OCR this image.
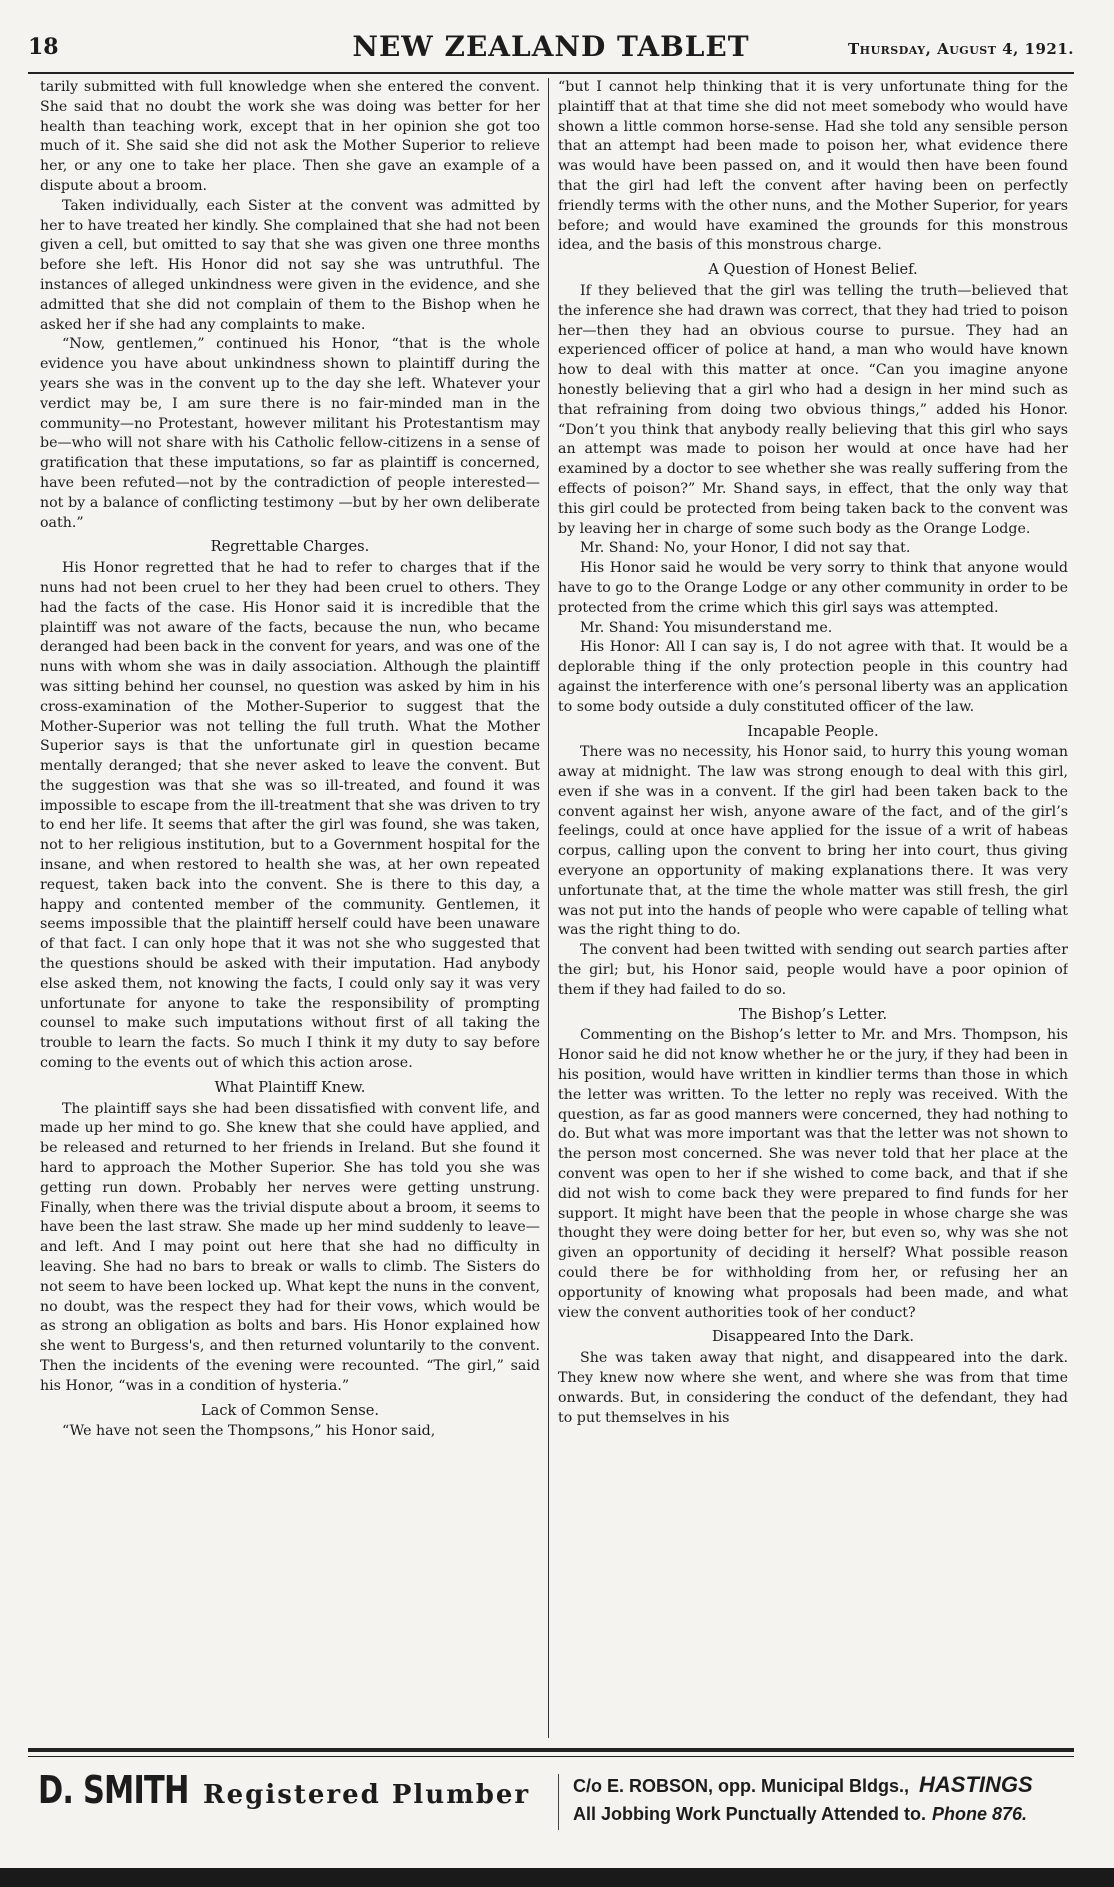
18	NEW ZEALAND TABLET	Thursday, August 4, 1921.

tarily submitted with full knowledge when she entered the convent. She said that no doubt the work she was doing was better for her health than teaching work, except that in her opinion she got too much of it. She said she did not ask the Mother Superior to relieve her, or any one to take her place. Then she gave an example of a dispute about a broom.

Taken individually, each Sister at the convent was admitted by her to have treated her kindly. She complained that she had not been given a cell, but omitted to say that she was given one three months before she left. His Honor did not say she was untruthful. The instances of alleged unkindness were given in the evidence, and she admitted that she did not complain of them to the Bishop when he asked her if she had any complaints to make.

“Now, gentlemen,” continued his Honor, “that is the whole evidence you have about unkindness shown to plaintiff during the years she was in the convent up to the day she left. Whatever your verdict may be, I am sure there is no fair-minded man in the community—no Protestant, however militant his Protestantism may be—who will not share with his Catholic fellow-citizens in a sense of gratification that these imputations, so far as plaintiff is concerned, have been refuted—not by the contradiction of people interested—not by a balance of conflicting testimony —but by her own deliberate oath.”

Regrettable Charges.

His Honor regretted that he had to refer to charges that if the nuns had not been cruel to her they had been cruel to others. They had the facts of the case. His Honor said it is incredible that the plaintiff was not aware of the facts, because the nun, who became deranged had been back in the convent for years, and was one of the nuns with whom she was in daily association. Although the plaintiff was sitting behind her counsel, no question was asked by him in his cross-examination of the Mother-Superior to suggest that the Mother-Superior was not telling the full truth. What the Mother Superior says is that the unfortunate girl in question became mentally deranged; that she never asked to leave the convent. But the suggestion was that she was so ill-treated, and found it was impossible to escape from the ill-treatment that she was driven to try to end her life. It seems that after the girl was found, she was taken, not to her religious institution, but to a Government hospital for the insane, and when restored to health she was, at her own repeated request, taken back into the convent. She is there to this day, a happy and contented member of the community. Gentlemen, it seems impossible that the plaintiff herself could have been unaware of that fact. I can only hope that it was not she who suggested that the questions should be asked with their imputation. Had anybody else asked them, not knowing the facts, I could only say it was very unfortunate for anyone to take the responsibility of prompting counsel to make such imputations without first of all taking the trouble to learn the facts. So much I think it my duty to say before coming to the events out of which this action arose.

What Plaintiff Knew.

The plaintiff says she had been dissatisfied with convent life, and made up her mind to go. She knew that she could have applied, and be released and returned to her friends in Ireland. But she found it hard to approach the Mother Superior. She has told you she was getting run down. Probably her nerves were getting unstrung. Finally, when there was the trivial dispute about a broom, it seems to have been the last straw. She made up her mind suddenly to leave—and left. And I may point out here that she had no difficulty in leaving. She had no bars to break or walls to climb. The Sisters do not seem to have been locked up. What kept the nuns in the convent, no doubt, was the respect they had for their vows, which would be as strong an obligation as bolts and bars. His Honor explained how she went to Burgess's, and then returned voluntarily to the convent. Then the incidents of the evening were recounted. “The girl,” said his Honor, “was in a condition of hysteria.”

Lack of Common Sense.

“We have not seen the Thompsons,” his Honor said,

“but I cannot help thinking that it is very unfortunate thing for the plaintiff that at that time she did not meet somebody who would have shown a little common horse-sense. Had she told any sensible person that an attempt had been made to poison her, what evidence there was would have been passed on, and it would then have been found that the girl had left the convent after having been on perfectly friendly terms with the other nuns, and the Mother Superior, for years before; and would have examined the grounds for this monstrous idea, and the basis of this monstrous charge.

A Question of Honest Belief.

If they believed that the girl was telling the truth—believed that the inference she had drawn was correct, that they had tried to poison her—then they had an obvious course to pursue. They had an experienced officer of police at hand, a man who would have known how to deal with this matter at once. “Can you imagine anyone honestly believing that a girl who had a design in her mind such as that refraining from doing two obvious things,” added his Honor. “Don’t you think that anybody really believing that this girl who says an attempt was made to poison her would at once have had her examined by a doctor to see whether she was really suffering from the effects of poison?” Mr. Shand says, in effect, that the only way that this girl could be protected from being taken back to the convent was by leaving her in charge of some such body as the Orange Lodge.

Mr. Shand: No, your Honor, I did not say that.

His Honor said he would be very sorry to think that anyone would have to go to the Orange Lodge or any other community in order to be protected from the crime which this girl says was attempted.

Mr. Shand: You misunderstand me.

His Honor: All I can say is, I do not agree with that. It would be a deplorable thing if the only protection people in this country had against the interference with one’s personal liberty was an application to some body outside a duly constituted officer of the law.

Incapable People.

There was no necessity, his Honor said, to hurry this young woman away at midnight. The law was strong enough to deal with this girl, even if she was in a convent. If the girl had been taken back to the convent against her wish, anyone aware of the fact, and of the girl’s feelings, could at once have applied for the issue of a writ of habeas corpus, calling upon the convent to bring her into court, thus giving everyone an opportunity of making explanations there. It was very unfortunate that, at the time the whole matter was still fresh, the girl was not put into the hands of people who were capable of telling what was the right thing to do.

The convent had been twitted with sending out search parties after the girl; but, his Honor said, people would have a poor opinion of them if they had failed to do so.

The Bishop’s Letter.

Commenting on the Bishop’s letter to Mr. and Mrs. Thompson, his Honor said he did not know whether he or the jury, if they had been in his position, would have written in kindlier terms than those in which the letter was written. To the letter no reply was received. With the question, as far as good manners were concerned, they had nothing to do. But what was more important was that the letter was not shown to the person most concerned. She was never told that her place at the convent was open to her if she wished to come back, and that if she did not wish to come back they were prepared to find funds for her support. It might have been that the people in whose charge she was thought they were doing better for her, but even so, why was she not given an opportunity of deciding it herself? What possible reason could there be for withholding from her, or refusing her an opportunity of knowing what proposals had been made, and what view the convent authorities took of her conduct?

Disappeared Into the Dark.

She was taken away that night, and disappeared into the dark. They knew now where she went, and where she was from that time onwards. But, in considering the conduct of the defendant, they had to put themselves in his

D. SMITH Registered Plumber C/o E. ROBSON, opp. Municipal Bldgs., HASTINGS
All Jobbing Work Punctually Attended to. Phone 876.
